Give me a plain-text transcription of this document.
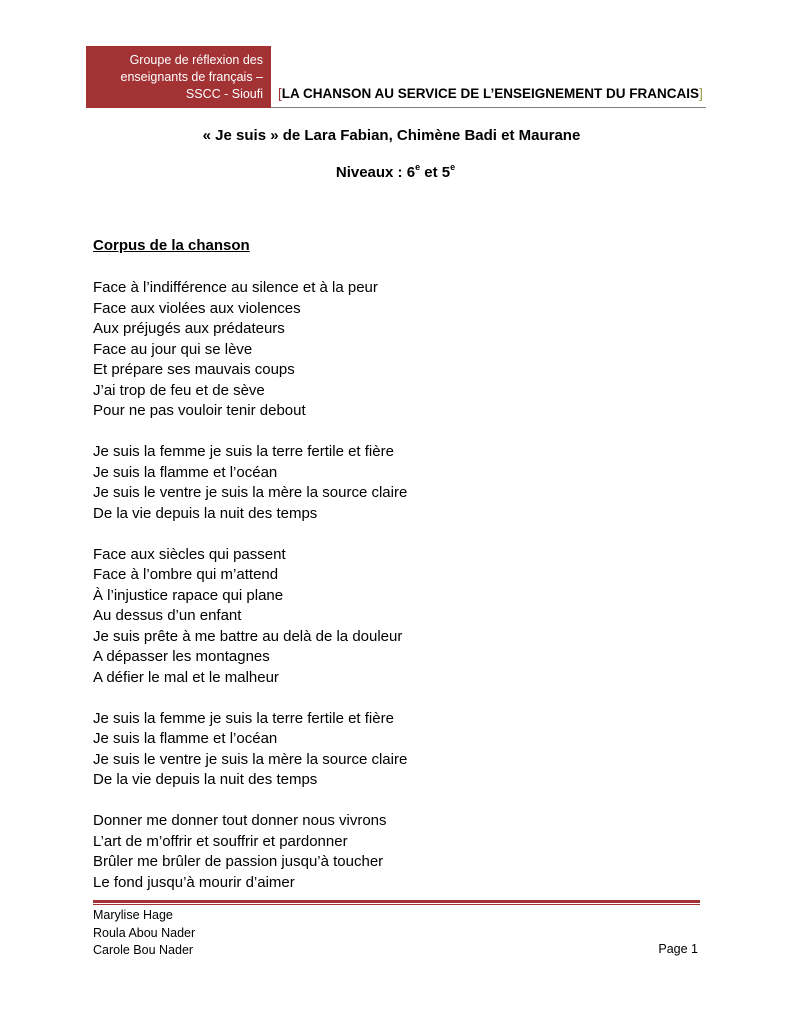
Groupe de réflexion des
enseignants de français –
SSCC - Sioufi [LA CHANSON AU SERVICE DE L’ENSEIGNEMENT DU FRANCAIS]
« Je suis » de Lara Fabian, Chimène Badi et Maurane
Niveaux : 6e et 5e
Corpus de la chanson
Face à l’indifférence au silence et à la peur
Face aux violées aux violences
Aux préjugés aux prédateurs
Face au jour qui se lève
Et prépare ses mauvais coups
J’ai trop de feu et de sève
Pour ne pas vouloir tenir debout
Je suis la femme je suis la terre fertile et fière
Je suis la flamme et l’océan
Je suis le ventre je suis la mère la source claire
De la vie depuis la nuit des temps
Face aux siècles qui passent
Face à l’ombre qui m’attend
À l’injustice rapace qui plane
Au dessus d’un enfant
Je suis prête à me battre au delà de la douleur
A dépasser les montagnes
A défier le mal et le malheur
Je suis la femme je suis la terre fertile et fière
Je suis la flamme et l’océan
Je suis le ventre je suis la mère la source claire
De la vie depuis la nuit des temps
Donner me donner tout donner nous vivrons
L’art de m’offrir et souffrir et pardonner
Brûler me brûler de passion jusqu’à toucher
Le fond jusqu’à mourir d’aimer
Marylise Hage
Roula Abou Nader
Carole Bou Nader	Page 1
